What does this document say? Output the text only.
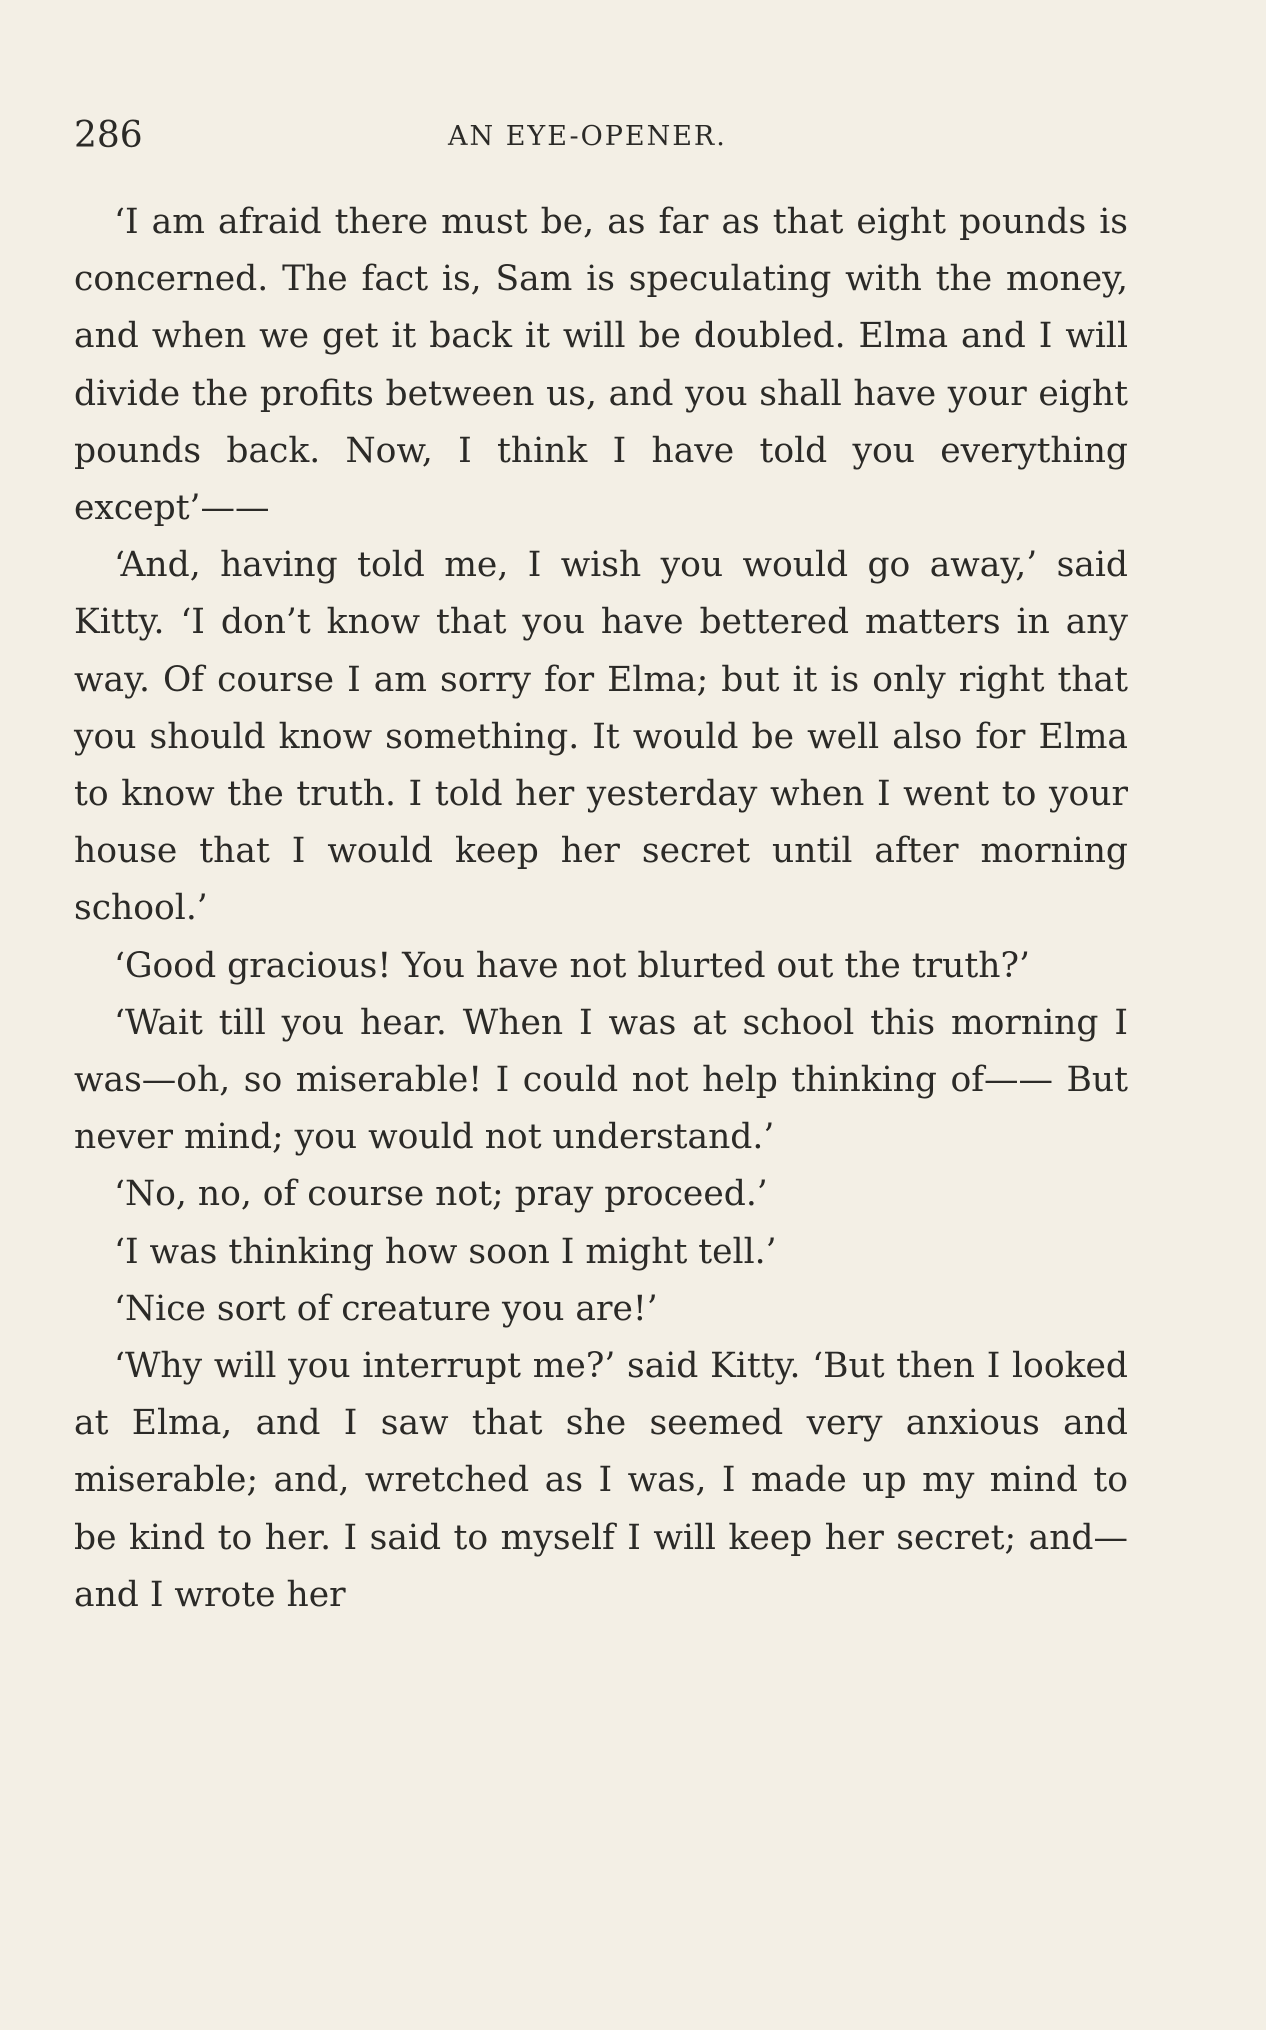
286	AN EYE-OPENER.

‘I am afraid there must be, as far as that eight pounds is concerned. The fact is, Sam is speculating with the money, and when we get it back it will be doubled. Elma and I will divide the profits between us, and you shall have your eight pounds back. Now, I think I have told you everything except’——

‘And, having told me, I wish you would go away,’ said Kitty. ‘I don’t know that you have bettered matters in any way. Of course I am sorry for Elma; but it is only right that you should know something. It would be well also for Elma to know the truth. I told her yesterday when I went to your house that I would keep her secret until after morning school.’

‘Good gracious! You have not blurted out the truth?’

‘Wait till you hear. When I was at school this morning I was—oh, so miserable! I could not help thinking of—— But never mind; you would not understand.’

‘No, no, of course not; pray proceed.’

‘I was thinking how soon I might tell.’

‘Nice sort of creature you are!’

‘Why will you interrupt me?’ said Kitty. ‘But then I looked at Elma, and I saw that she seemed very anxious and miserable; and, wretched as I was, I made up my mind to be kind to her. I said to myself I will keep her secret; and—and I wrote her
